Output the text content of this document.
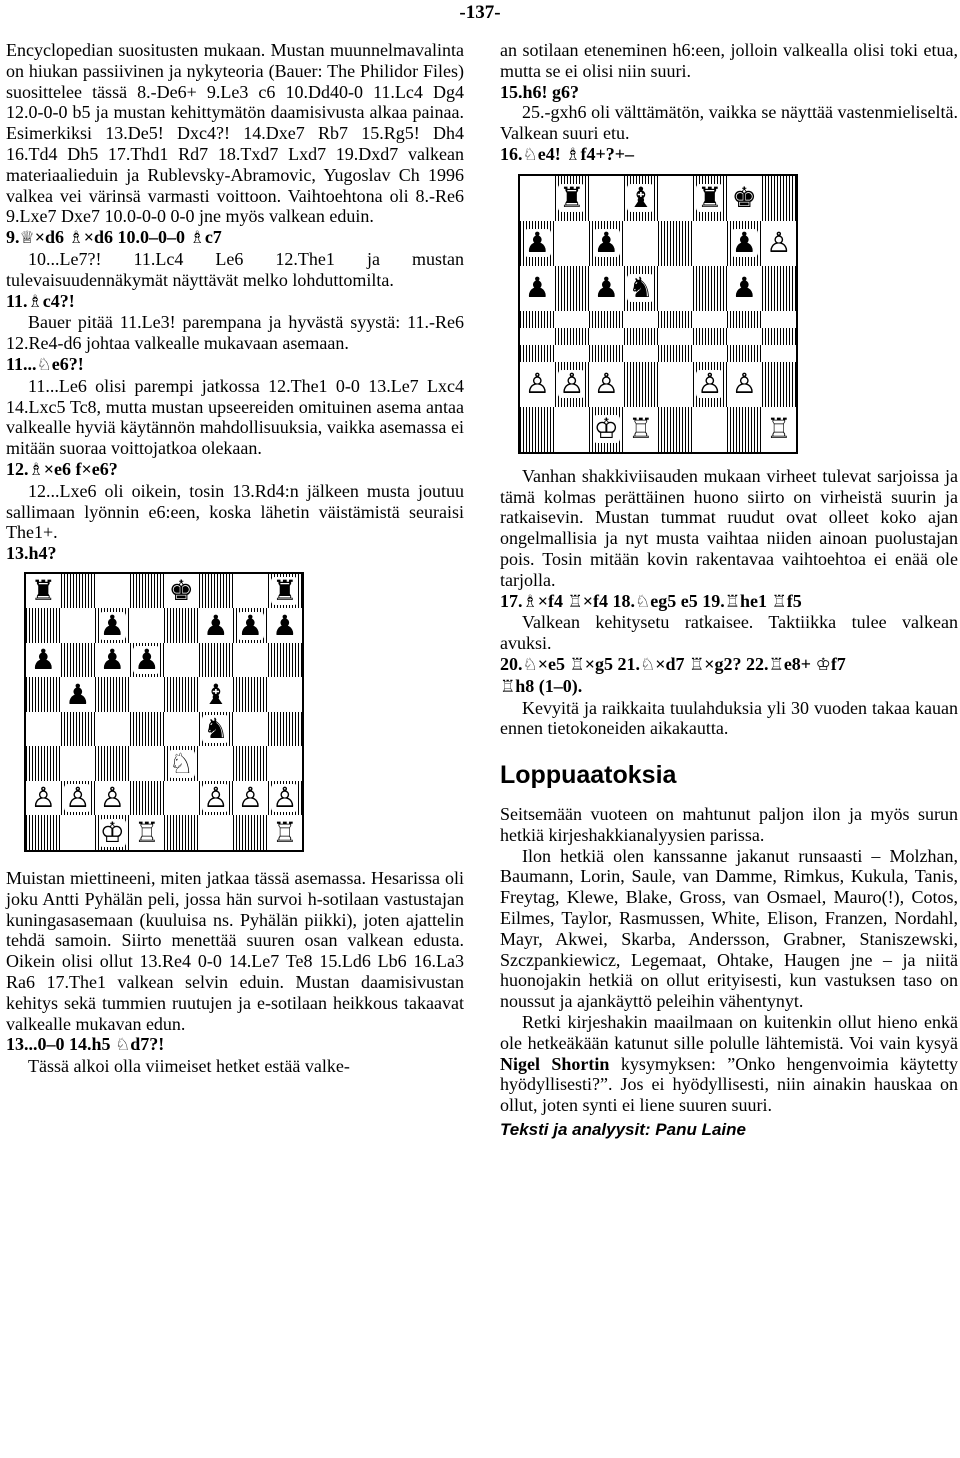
-137-

Encyclopedian suositusten mukaan. Mustan muunnelmavalinta on hiukan passiivinen ja nykyteoria (Bauer: The Philidor Files) suosittelee tässä 8.-De6+ 9.Le3 c6 10.Dd40-0 11.Lc4 Dg4 12.0-0-0 b5 ja mustan kehittymätön daamisivusta alkaa painaa. Esimerkiksi 13.De5! Dxc4?! 14.Dxe7 Rb7 15.Rg5! Dh4 16.Td4 Dh5 17.Thd1 Rd7 18.Txd7 Lxd7 19.Dxd7 valkean materiaalieduin ja Rublevsky-Abramovic, Yugoslav Ch 1996 valkea vei värinsä varmasti voittoon. Vaihtoehtona oli 8.-Re6 9.Lxe7 Dxe7 10.0-0-0 0-0 jne myös valkean eduin.

9.♕×d6 ♗×d6 10.0–0–0 ♗c7

10...Le7?! 11.Lc4 Le6 12.The1 ja mustan tulevaisuudennäkymät näyttävät melko lohduttomilta.

11.♗c4?!

Bauer pitää 11.Le3! parempana ja hyvästä syystä: 11.-Re6 12.Re4-d6 johtaa valkealle mukavaan asemaan.

11...♘e6?!

11...Le6 olisi parempi jatkossa 12.The1 0-0 13.Le7 Lxc4 14.Lxc5 Tc8, mutta mustan upseereiden omituinen asema antaa valkealle hyviä käytännön mahdollisuuksia, vaikka asemassa ei mitään suoraa voittojatkoa olekaan.

12.♗×e6 f×e6?

12...Lxe6 oli oikein, tosin 13.Rd4:n jälkeen musta joutuu sallimaan lyönnin e6:een, koska lähetin väistämistä seuraisi The1+.

13.h4?

♜	♚	♜
♟	♟ ♟ ♟
♟ ♟ ♟
♟	♝
♞
♘
♙ ♙ ♙	♙ ♙ ♙
♔ ♖	♖

Muistan miettineeni, miten jatkaa tässä asemassa. Hesarissa oli joku Antti Pyhälän peli, jossa hän survoi h-sotilaan vastustajan kuningasasemaan (kuuluisa ns. Pyhälän piikki), joten ajattelin tehdä samoin. Siirto menettää suuren osan valkean edusta. Oikein olisi ollut 13.Re4 0-0 14.Le7 Te8 15.Ld6 Lb6 16.La3 Ra6 17.The1 valkean selvin eduin. Mustan daamisivustan kehitys sekä tummien ruutujen ja e-sotilaan heikkous takaavat valkealle mukavan edun.

13...0–0 14.h5 ♘d7?!

Tässä alkoi olla viimeiset hetket estää valke-

an sotilaan eteneminen h6:een, jolloin valkealla olisi toki etua, mutta se ei olisi niin suuri.

15.h6! g6?

25.-gxh6 oli välttämätön, vaikka se näyttää vastenmieliseltä. Valkean suuri etu.

16.♘e4! ♗f4+?+–

♜ ♝ ♜ ♚
♟ ♟	♟ ♙
♟ ♟ ♞	♟
♙ ♙ ♙	♙ ♙
♔ ♖	♖

Vanhan shakkiviisauden mukaan virheet tulevat sarjoissa ja tämä kolmas perättäinen huono siirto on virheistä suurin ja ratkaisevin. Mustan tummat ruudut ovat olleet koko ajan ongelmallisia ja nyt musta vaihtaa niiden ainoan puolustajan pois. Tosin mitään kovin rakentavaa vaihtoehtoa ei enää ole tarjolla.

17.♗×f4 ♖×f4 18.♘eg5 e5 19.♖he1 ♖f5

Valkean kehitysetu ratkaisee. Taktiikka tulee valkean avuksi.

20.♘×e5 ♖×g5 21.♘×d7 ♖×g2? 22.♖e8+ ♔f7
♖h8 (1–0).

Kevyitä ja raikkaita tuulahduksia yli 30 vuoden takaa kauan ennen tietokoneiden aikakautta.

Loppuaatoksia

Seitsemään vuoteen on mahtunut paljon ilon ja myös surun hetkiä kirjeshakkianalyysien parissa.

Ilon hetkiä olen kanssanne jakanut runsaasti – Molzhan, Baumann, Lorin, Saule, van Damme, Rimkus, Kukula, Tanis, Freytag, Klewe, Blake, Gross, van Osmael, Mauro(!), Cotos, Eilmes, Taylor, Rasmussen, White, Elison, Franzen, Nordahl, Mayr, Akwei, Skarba, Andersson, Grabner, Staniszewski, Szczpankiewicz, Legemaat, Ohtake, Haugen jne – ja niitä huonojakin hetkiä on ollut erityisesti, kun vastuksen taso on noussut ja ajankäyttö peleihin vähentynyt.

Retki kirjeshakin maailmaan on kuitenkin ollut hieno enkä ole hetkeäkään katunut sille polulle lähtemistä. Voi vain kysyä Nigel Shortin kysymyksen: ”Onko hengenvoimia käytetty hyödyllisesti?”. Jos ei hyödyllisesti, niin ainakin hauskaa on ollut, joten synti ei liene suuren suuri.

Teksti ja analyysit: Panu Laine
